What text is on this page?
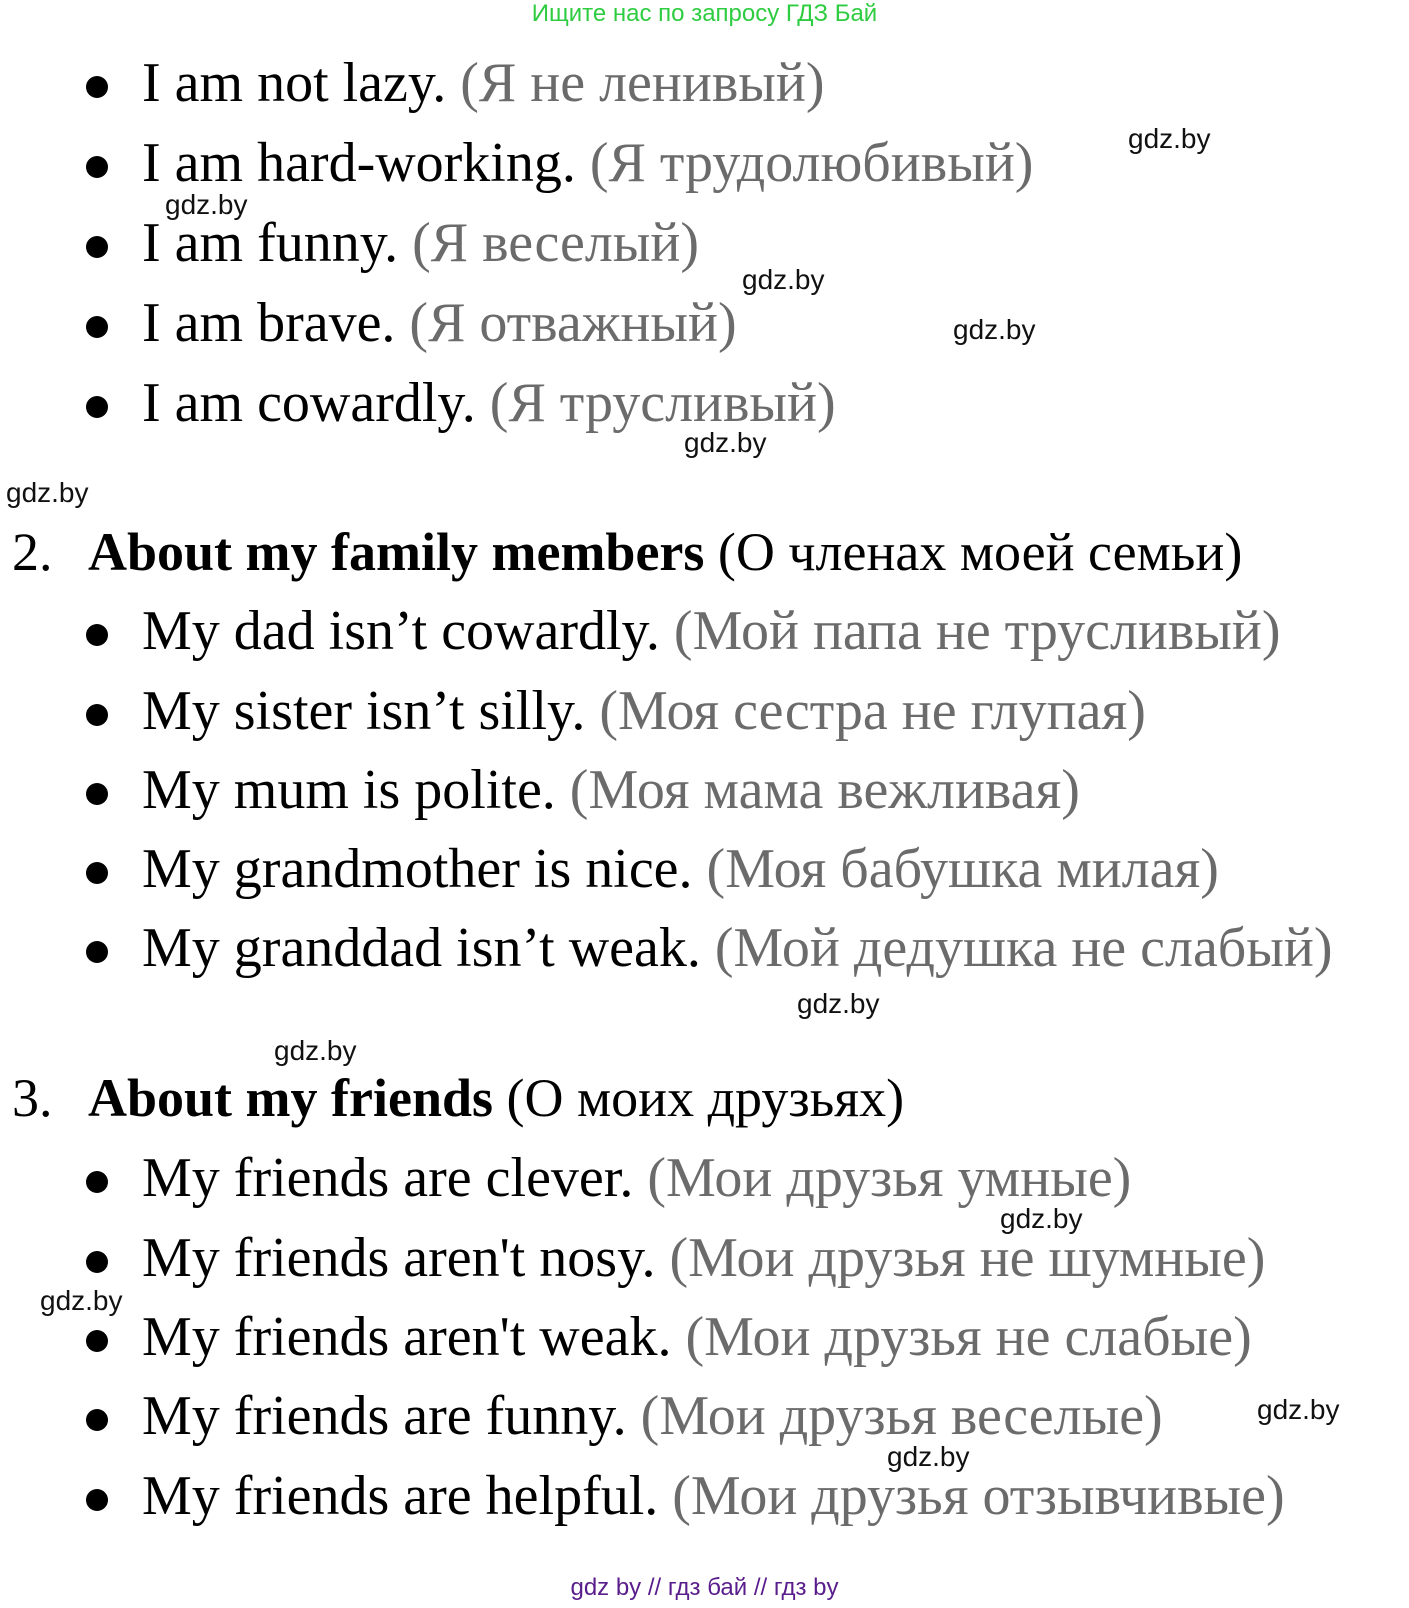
Ищите нас по запросу ГДЗ Бай
I am not lazy. (Я не ленивый)
I am hard-working. (Я трудолюбивый)
I am funny. (Я веселый)
I am brave. (Я отважный)
I am cowardly. (Я трусливый)
2. About my family members (О членах моей семьи)
My dad isn’t cowardly. (Мой папа не трусливый)
My sister isn’t silly. (Моя сестра не глупая)
My mum is polite. (Моя мама вежливая)
My grandmother is nice. (Моя бабушка милая)
My granddad isn’t weak. (Мой дедушка не слабый)
3. About my friends (О моих друзьях)
My friends are clever. (Мои друзья умные)
My friends aren't nosy. (Мои друзья не шумные)
My friends aren't weak. (Мои друзья не слабые)
My friends are funny. (Мои друзья веселые)
My friends are helpful. (Мои друзья отзывчивые)
gdz.by
gdz.by
gdz.by
gdz.by
gdz.by
gdz.by
gdz.by
gdz.by
gdz.by
gdz.by
gdz.by
gdz.by
gdz by // гдз бай // гдз by
